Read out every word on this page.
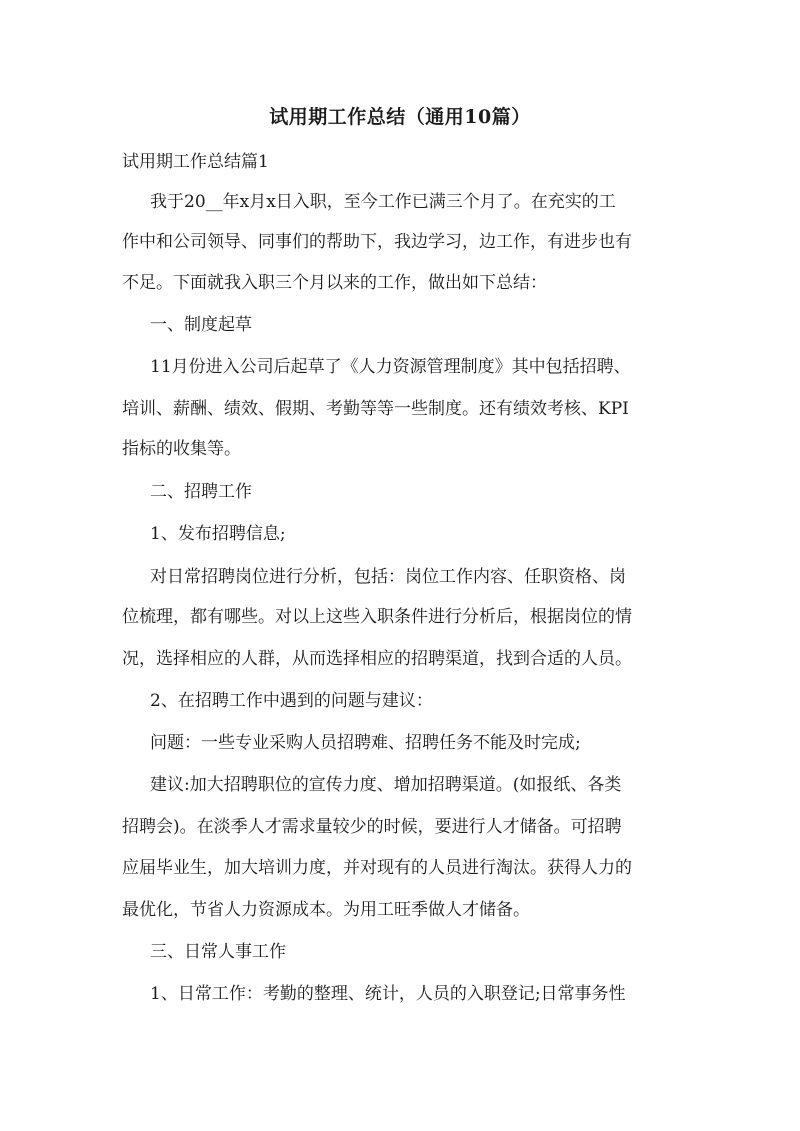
试用期工作总结（通用10篇）

试用期工作总结篇1

我于20__年x月x日入职，至今工作已满三个月了。在充实的工

作中和公司领导、同事们的帮助下，我边学习，边工作，有进步也有

不足。下面就我入职三个月以来的工作，做出如下总结：

一、制度起草

11月份进入公司后起草了《人力资源管理制度》其中包括招聘、

培训、薪酬、绩效、假期、考勤等等一些制度。还有绩效考核、KPI

指标的收集等。

二、招聘工作

1、发布招聘信息;

对日常招聘岗位进行分析，包括：岗位工作内容、任职资格、岗

位梳理，都有哪些。对以上这些入职条件进行分析后，根据岗位的情

况，选择相应的人群，从而选择相应的招聘渠道，找到合适的人员。

2、在招聘工作中遇到的问题与建议：

问题：一些专业采购人员招聘难、招聘任务不能及时完成;

建议:加大招聘职位的宣传力度、增加招聘渠道。(如报纸、各类

招聘会)。在淡季人才需求量较少的时候，要进行人才储备。可招聘

应届毕业生，加大培训力度，并对现有的人员进行淘汰。获得人力的

最优化，节省人力资源成本。为用工旺季做人才储备。

三、日常人事工作

1、日常工作：考勤的整理、统计，人员的入职登记;日常事务性
